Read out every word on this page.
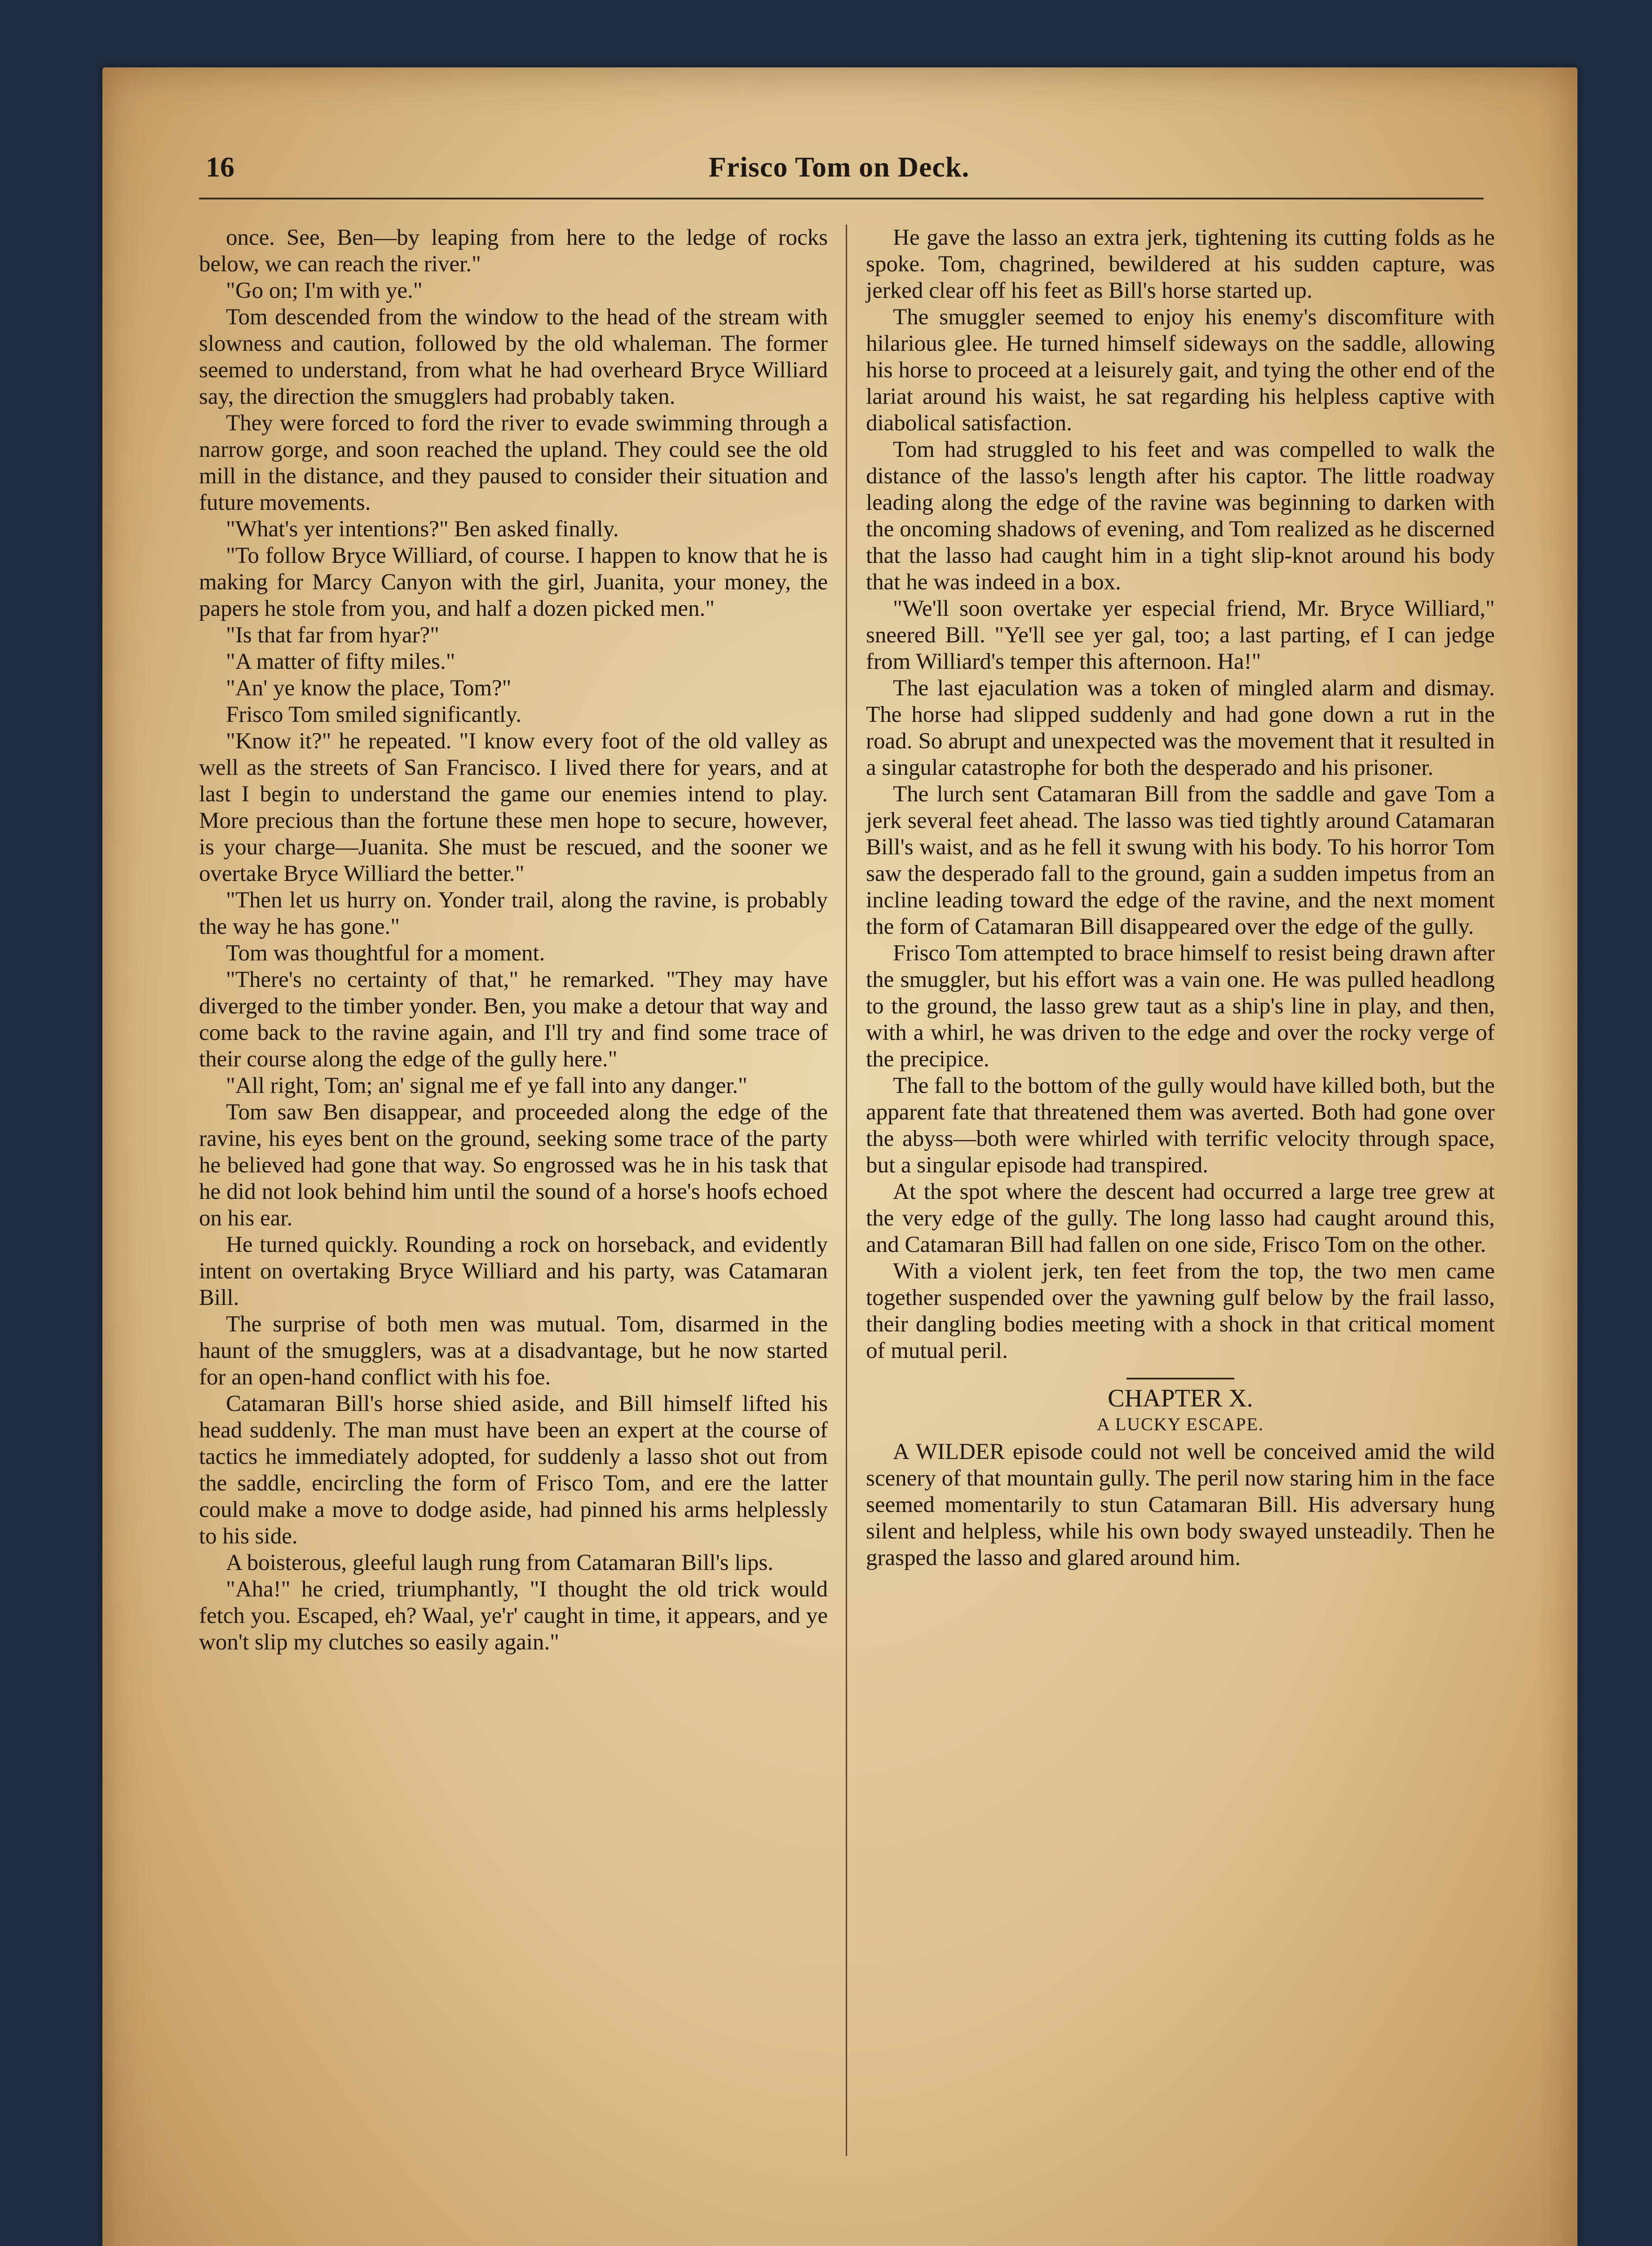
16	Frisco Tom on Deck.

once. See, Ben—by leaping from here to the ledge of rocks below, we can reach the river."

"Go on; I'm with ye."

Tom descended from the window to the head of the stream with slowness and caution, followed by the old whaleman. The former seemed to understand, from what he had overheard Bryce Williard say, the direction the smugglers had probably taken.

They were forced to ford the river to evade swimming through a narrow gorge, and soon reached the upland. They could see the old mill in the distance, and they paused to consider their situation and future movements.

"What's yer intentions?" Ben asked finally.

"To follow Bryce Williard, of course. I happen to know that he is making for Marcy Canyon with the girl, Juanita, your money, the papers he stole from you, and half a dozen picked men."

"Is that far from hyar?"

"A matter of fifty miles."

"An' ye know the place, Tom?"

Frisco Tom smiled significantly.

"Know it?" he repeated. "I know every foot of the old valley as well as the streets of San Francisco. I lived there for years, and at last I begin to understand the game our enemies intend to play. More precious than the fortune these men hope to secure, however, is your charge—Juanita. She must be rescued, and the sooner we overtake Bryce Williard the better."

"Then let us hurry on. Yonder trail, along the ravine, is probably the way he has gone."

Tom was thoughtful for a moment.

"There's no certainty of that," he remarked. "They may have diverged to the timber yonder. Ben, you make a detour that way and come back to the ravine again, and I'll try and find some trace of their course along the edge of the gully here."

"All right, Tom; an' signal me ef ye fall into any danger."

Tom saw Ben disappear, and proceeded along the edge of the ravine, his eyes bent on the ground, seeking some trace of the party he believed had gone that way. So engrossed was he in his task that he did not look behind him until the sound of a horse's hoofs echoed on his ear.

He turned quickly. Rounding a rock on horseback, and evidently intent on overtaking Bryce Williard and his party, was Catamaran Bill.

The surprise of both men was mutual. Tom, disarmed in the haunt of the smugglers, was at a disadvantage, but he now started for an open-hand conflict with his foe.

Catamaran Bill's horse shied aside, and Bill himself lifted his head suddenly. The man must have been an expert at the course of tactics he immediately adopted, for suddenly a lasso shot out from the saddle, encircling the form of Frisco Tom, and ere the latter could make a move to dodge aside, had pinned his arms helplessly to his side.

A boisterous, gleeful laugh rung from Catamaran Bill's lips.

"Aha!" he cried, triumphantly, "I thought the old trick would fetch you. Escaped, eh? Waal, ye'r' caught in time, it appears, and ye won't slip my clutches so easily again."

He gave the lasso an extra jerk, tightening its cutting folds as he spoke. Tom, chagrined, bewildered at his sudden capture, was jerked clear off his feet as Bill's horse started up.

The smuggler seemed to enjoy his enemy's discomfiture with hilarious glee. He turned himself sideways on the saddle, allowing his horse to proceed at a leisurely gait, and tying the other end of the lariat around his waist, he sat regarding his helpless captive with diabolical satisfaction.

Tom had struggled to his feet and was compelled to walk the distance of the lasso's length after his captor. The little roadway leading along the edge of the ravine was beginning to darken with the oncoming shadows of evening, and Tom realized as he discerned that the lasso had caught him in a tight slip-knot around his body that he was indeed in a box.

"We'll soon overtake yer especial friend, Mr. Bryce Williard," sneered Bill. "Ye'll see yer gal, too; a last parting, ef I can jedge from Williard's temper this afternoon. Ha!"

The last ejaculation was a token of mingled alarm and dismay. The horse had slipped suddenly and had gone down a rut in the road. So abrupt and unexpected was the movement that it resulted in a singular catastrophe for both the desperado and his prisoner.

The lurch sent Catamaran Bill from the saddle and gave Tom a jerk several feet ahead. The lasso was tied tightly around Catamaran Bill's waist, and as he fell it swung with his body. To his horror Tom saw the desperado fall to the ground, gain a sudden impetus from an incline leading toward the edge of the ravine, and the next moment the form of Catamaran Bill disappeared over the edge of the gully.

Frisco Tom attempted to brace himself to resist being drawn after the smuggler, but his effort was a vain one. He was pulled headlong to the ground, the lasso grew taut as a ship's line in play, and then, with a whirl, he was driven to the edge and over the rocky verge of the precipice.

The fall to the bottom of the gully would have killed both, but the apparent fate that threatened them was averted. Both had gone over the abyss—both were whirled with terrific velocity through space, but a singular episode had transpired.

At the spot where the descent had occurred a large tree grew at the very edge of the gully. The long lasso had caught around this, and Catamaran Bill had fallen on one side, Frisco Tom on the other.

With a violent jerk, ten feet from the top, the two men came together suspended over the yawning gulf below by the frail lasso, their dangling bodies meeting with a shock in that critical moment of mutual peril.

CHAPTER X.

A LUCKY ESCAPE.

A WILDER episode could not well be conceived amid the wild scenery of that mountain gully. The peril now staring him in the face seemed momentarily to stun Catamaran Bill. His adversary hung silent and helpless, while his own body swayed unsteadily. Then he grasped the lasso and glared around him.
